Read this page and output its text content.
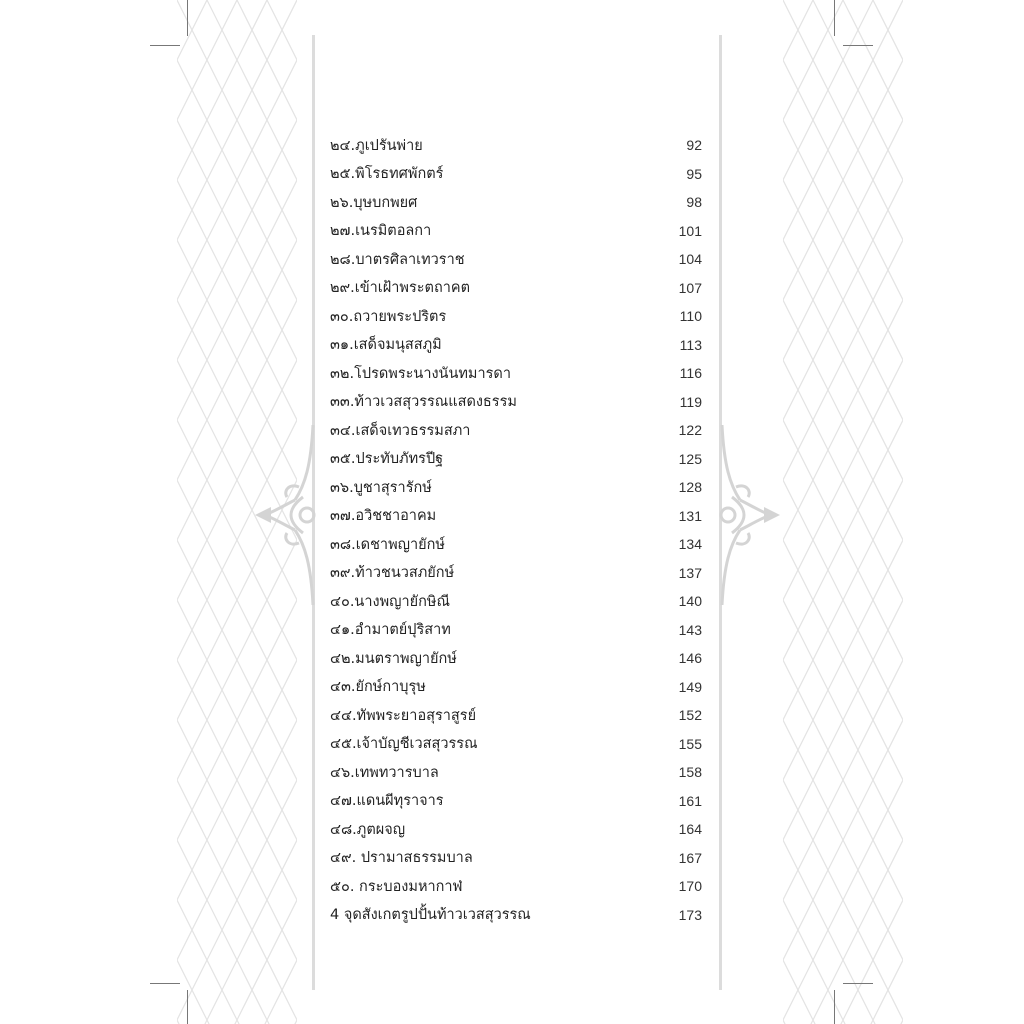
๒๔.ภูเปรันพ่าย	92
๒๕.พิโรธทศพักตร์	95
๒๖.บุษบกพยศ	98
๒๗.เนรมิตอลกา	101
๒๘.บาตรศิลาเทวราช	104
๒๙.เข้าเฝ้าพระตถาคต	107
๓๐.ถวายพระปริตร	110
๓๑.เสด็จมนุสสภูมิ	113
๓๒.โปรดพระนางนันทมารดา	116
๓๓.ท้าวเวสสุวรรณแสดงธรรม	119
๓๔.เสด็จเทวธรรมสภา	122
๓๕.ประทับภัทรปีฐ	125
๓๖.บูชาสุรารักษ์	128
๓๗.อวิชชาอาคม	131
๓๘.เดชาพญายักษ์	134
๓๙.ท้าวชนวสภยักษ์	137
๔๐.นางพญายักษิณี	140
๔๑.อำมาตย์ปุริสาท	143
๔๒.มนตราพญายักษ์	146
๔๓.ยักษ์กาบุรุษ	149
๔๔.ทัพพระยาอสุราสูรย์	152
๔๕.เจ้าบัญชีเวสสุวรรณ	155
๔๖.เทพทวารบาล	158
๔๗.แดนผีทุราจาร	161
๔๘.ภูตผจญ	164
๔๙. ปรามาสธรรมบาล	167
๕๐. กระบองมหากาฬ	170
4 จุดสังเกตรูปปั้นท้าวเวสสุวรรณ	173
